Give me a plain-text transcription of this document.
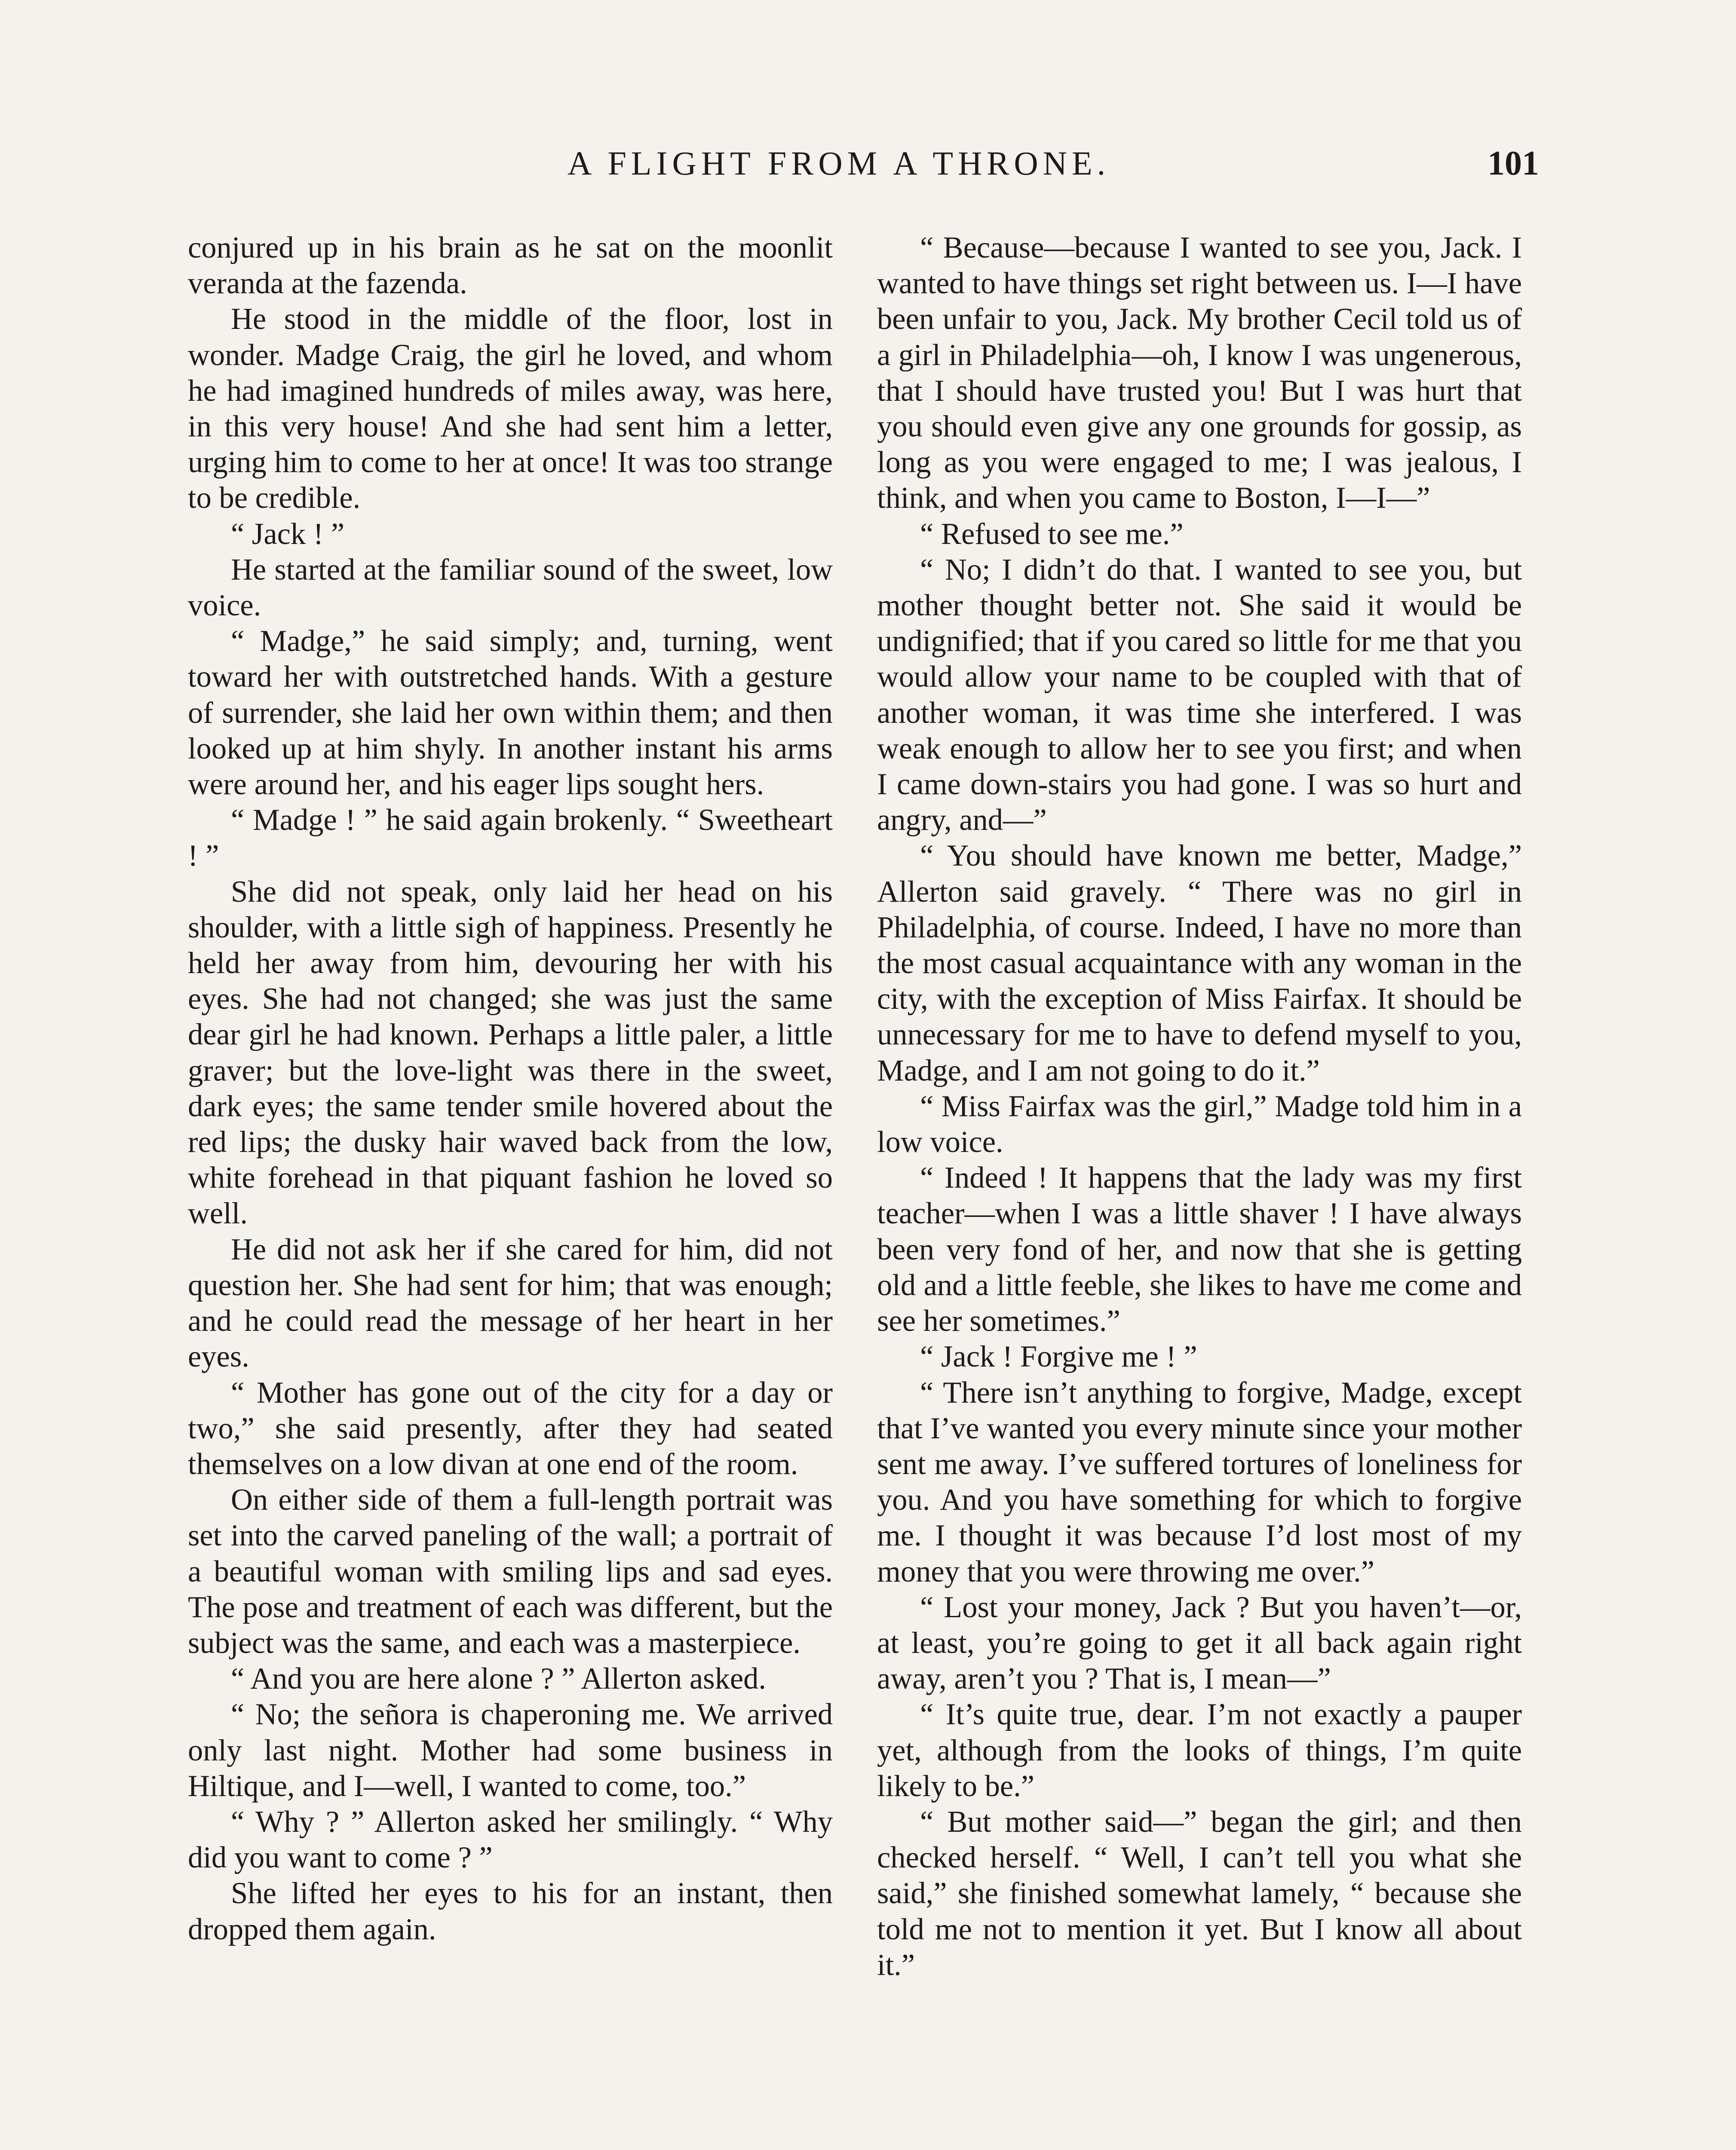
A FLIGHT FROM A THRONE.	101

conjured up in his brain as he sat on the moonlit veranda at the fazenda.

He stood in the middle of the floor, lost in wonder. Madge Craig, the girl he loved, and whom he had imagined hundreds of miles away, was here, in this very house! And she had sent him a letter, urging him to come to her at once! It was too strange to be credible.

“ Jack ! ”

He started at the familiar sound of the sweet, low voice.

“ Madge,” he said simply; and, turning, went toward her with outstretched hands. With a gesture of surrender, she laid her own within them; and then looked up at him shyly. In another instant his arms were around her, and his eager lips sought hers.

“ Madge ! ” he said again brokenly. “ Sweetheart ! ”

She did not speak, only laid her head on his shoulder, with a little sigh of happiness. Presently he held her away from him, devouring her with his eyes. She had not changed; she was just the same dear girl he had known. Perhaps a little paler, a little graver; but the love-light was there in the sweet, dark eyes; the same tender smile hovered about the red lips; the dusky hair waved back from the low, white forehead in that piquant fashion he loved so well.

He did not ask her if she cared for him, did not question her. She had sent for him; that was enough; and he could read the message of her heart in her eyes.

“ Mother has gone out of the city for a day or two,” she said presently, after they had seated themselves on a low divan at one end of the room.

On either side of them a full-length portrait was set into the carved paneling of the wall; a portrait of a beautiful woman with smiling lips and sad eyes. The pose and treatment of each was different, but the subject was the same, and each was a masterpiece.

“ And you are here alone ? ” Allerton asked.

“ No; the señora is chaperoning me. We arrived only last night. Mother had some business in Hiltique, and I—well, I wanted to come, too.”

“ Why ? ” Allerton asked her smilingly. “ Why did you want to come ? ”

She lifted her eyes to his for an instant, then dropped them again.

“ Because—because I wanted to see you, Jack. I wanted to have things set right between us. I—I have been unfair to you, Jack. My brother Cecil told us of a girl in Philadelphia—oh, I know I was ungenerous, that I should have trusted you! But I was hurt that you should even give any one grounds for gossip, as long as you were engaged to me; I was jealous, I think, and when you came to Boston, I—I—”

“ Refused to see me.”

“ No; I didn’t do that. I wanted to see you, but mother thought better not. She said it would be undignified; that if you cared so little for me that you would allow your name to be coupled with that of another woman, it was time she interfered. I was weak enough to allow her to see you first; and when I came down-stairs you had gone. I was so hurt and angry, and—”

“ You should have known me better, Madge,” Allerton said gravely. “ There was no girl in Philadelphia, of course. Indeed, I have no more than the most casual acquaintance with any woman in the city, with the exception of Miss Fairfax. It should be unnecessary for me to have to defend myself to you, Madge, and I am not going to do it.”

“ Miss Fairfax was the girl,” Madge told him in a low voice.

“ Indeed ! It happens that the lady was my first teacher—when I was a little shaver ! I have always been very fond of her, and now that she is getting old and a little feeble, she likes to have me come and see her sometimes.”

“ Jack ! Forgive me ! ”

“ There isn’t anything to forgive, Madge, except that I’ve wanted you every minute since your mother sent me away. I’ve suffered tortures of loneliness for you. And you have something for which to forgive me. I thought it was because I’d lost most of my money that you were throwing me over.”

“ Lost your money, Jack ? But you haven’t—or, at least, you’re going to get it all back again right away, aren’t you ? That is, I mean—”

“ It’s quite true, dear. I’m not exactly a pauper yet, although from the looks of things, I’m quite likely to be.”

“ But mother said—” began the girl; and then checked herself. “ Well, I can’t tell you what she said,” she finished somewhat lamely, “ because she told me not to mention it yet. But I know all about it.”
